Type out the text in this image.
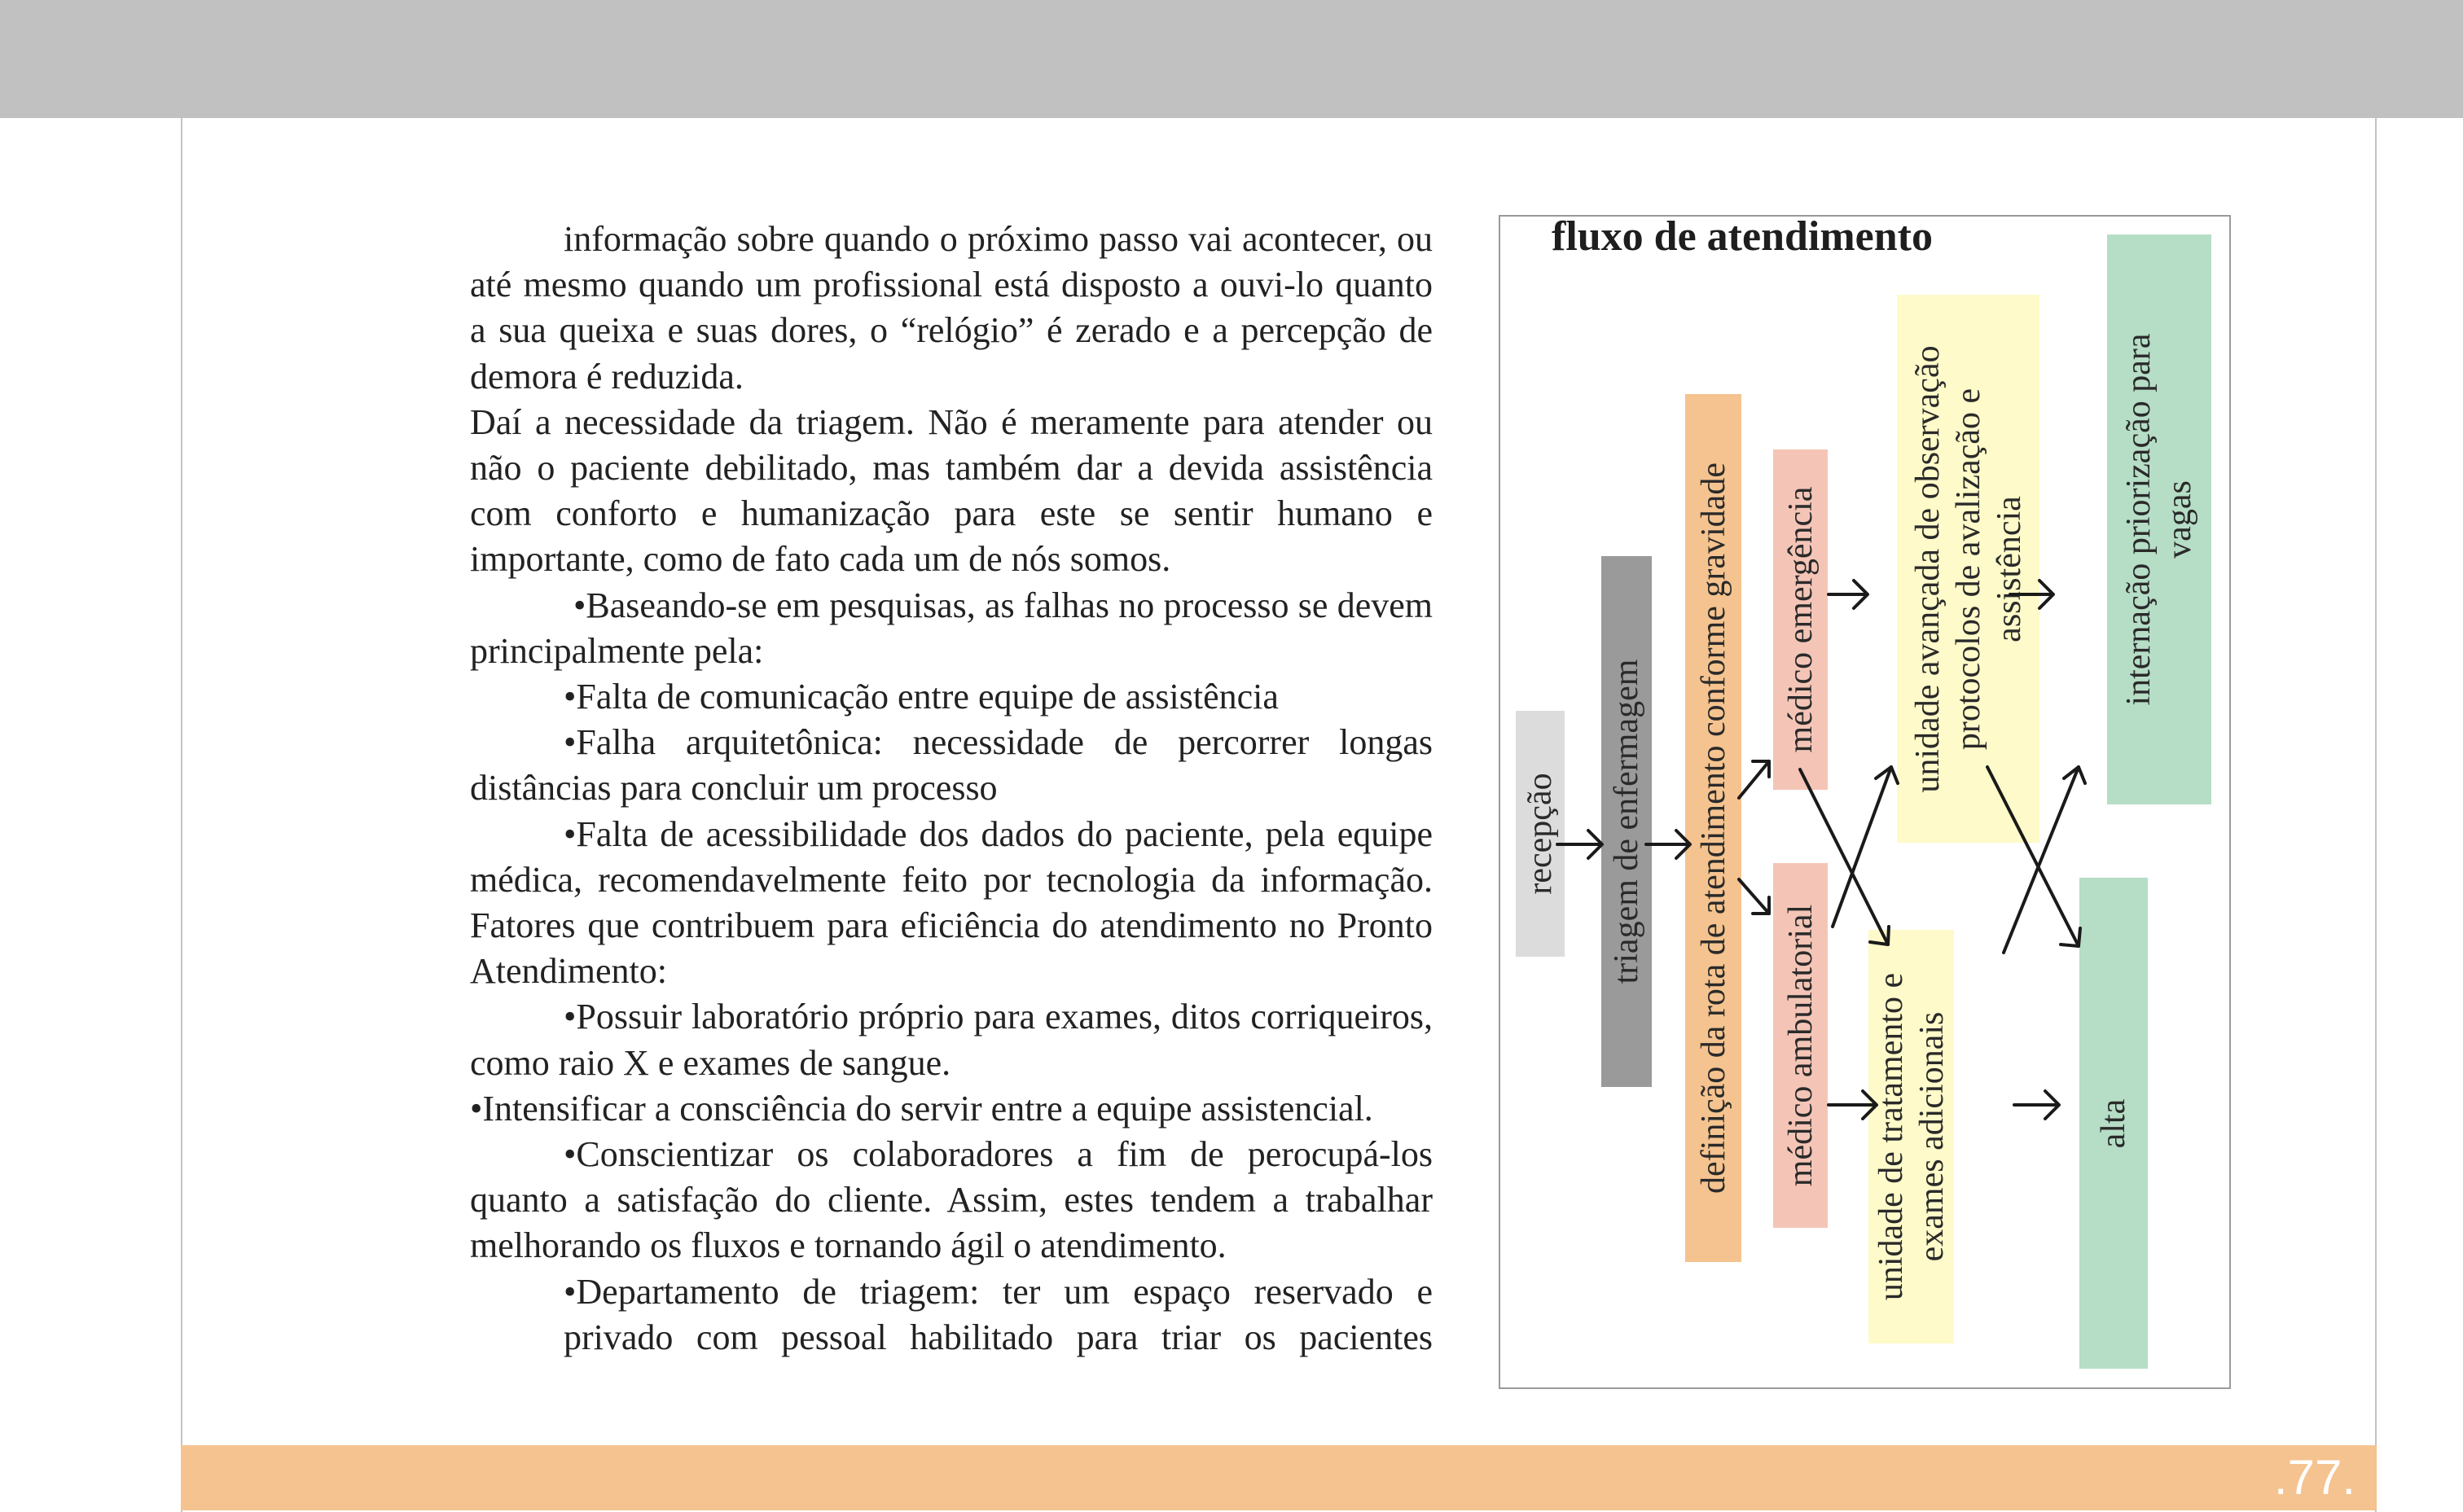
informação sobre quando o próximo passo vai acontecer, ou até mesmo quando um profissional está disposto a ouvi-lo quanto a sua queixa e suas dores, o “relógio” é zerado e a percepção de demora é reduzida.

Daí a necessidade da triagem. Não é meramente para atender ou não o paciente debilitado, mas também dar a devida assistência com conforto e humanização para este se sentir humano e importante, como de fato cada um de nós somos.

•Baseando-se em pesquisas, as falhas no processo se devem principalmente pela:

•Falta de comunicação entre equipe de assistência

•Falha arquitetônica: necessidade de percorrer longas distâncias para concluir um processo

•Falta de acessibilidade dos dados do paciente, pela equipe médica, recomendavelmente feito por tecnologia da informação. Fatores que contribuem para eficiência do atendimento no Pronto Atendimento:

•Possuir laboratório próprio para exames, ditos corriqueiros, como raio X e exames de sangue.

•Intensificar a consciência do servir entre a equipe assistencial.

•Conscientizar os colaboradores a fim de perocupá-los quanto a satisfação do cliente. Assim, estes tendem a trabalhar melhorando os fluxos e tornando ágil o atendimento.

•Departamento de triagem: ter um espaço reservado e privado com pessoal habilitado para triar os pacientes

fluxo de atendimento
recepção triagem de enfermagem definição da rota de atendimento conforme gravidade médico emergência
médico ambulatorial
unidade avançada de observação protocolos de avalização e assistência
unidade de tratamento e exames adicionais
internação priorização para vagas
alta
.77.
